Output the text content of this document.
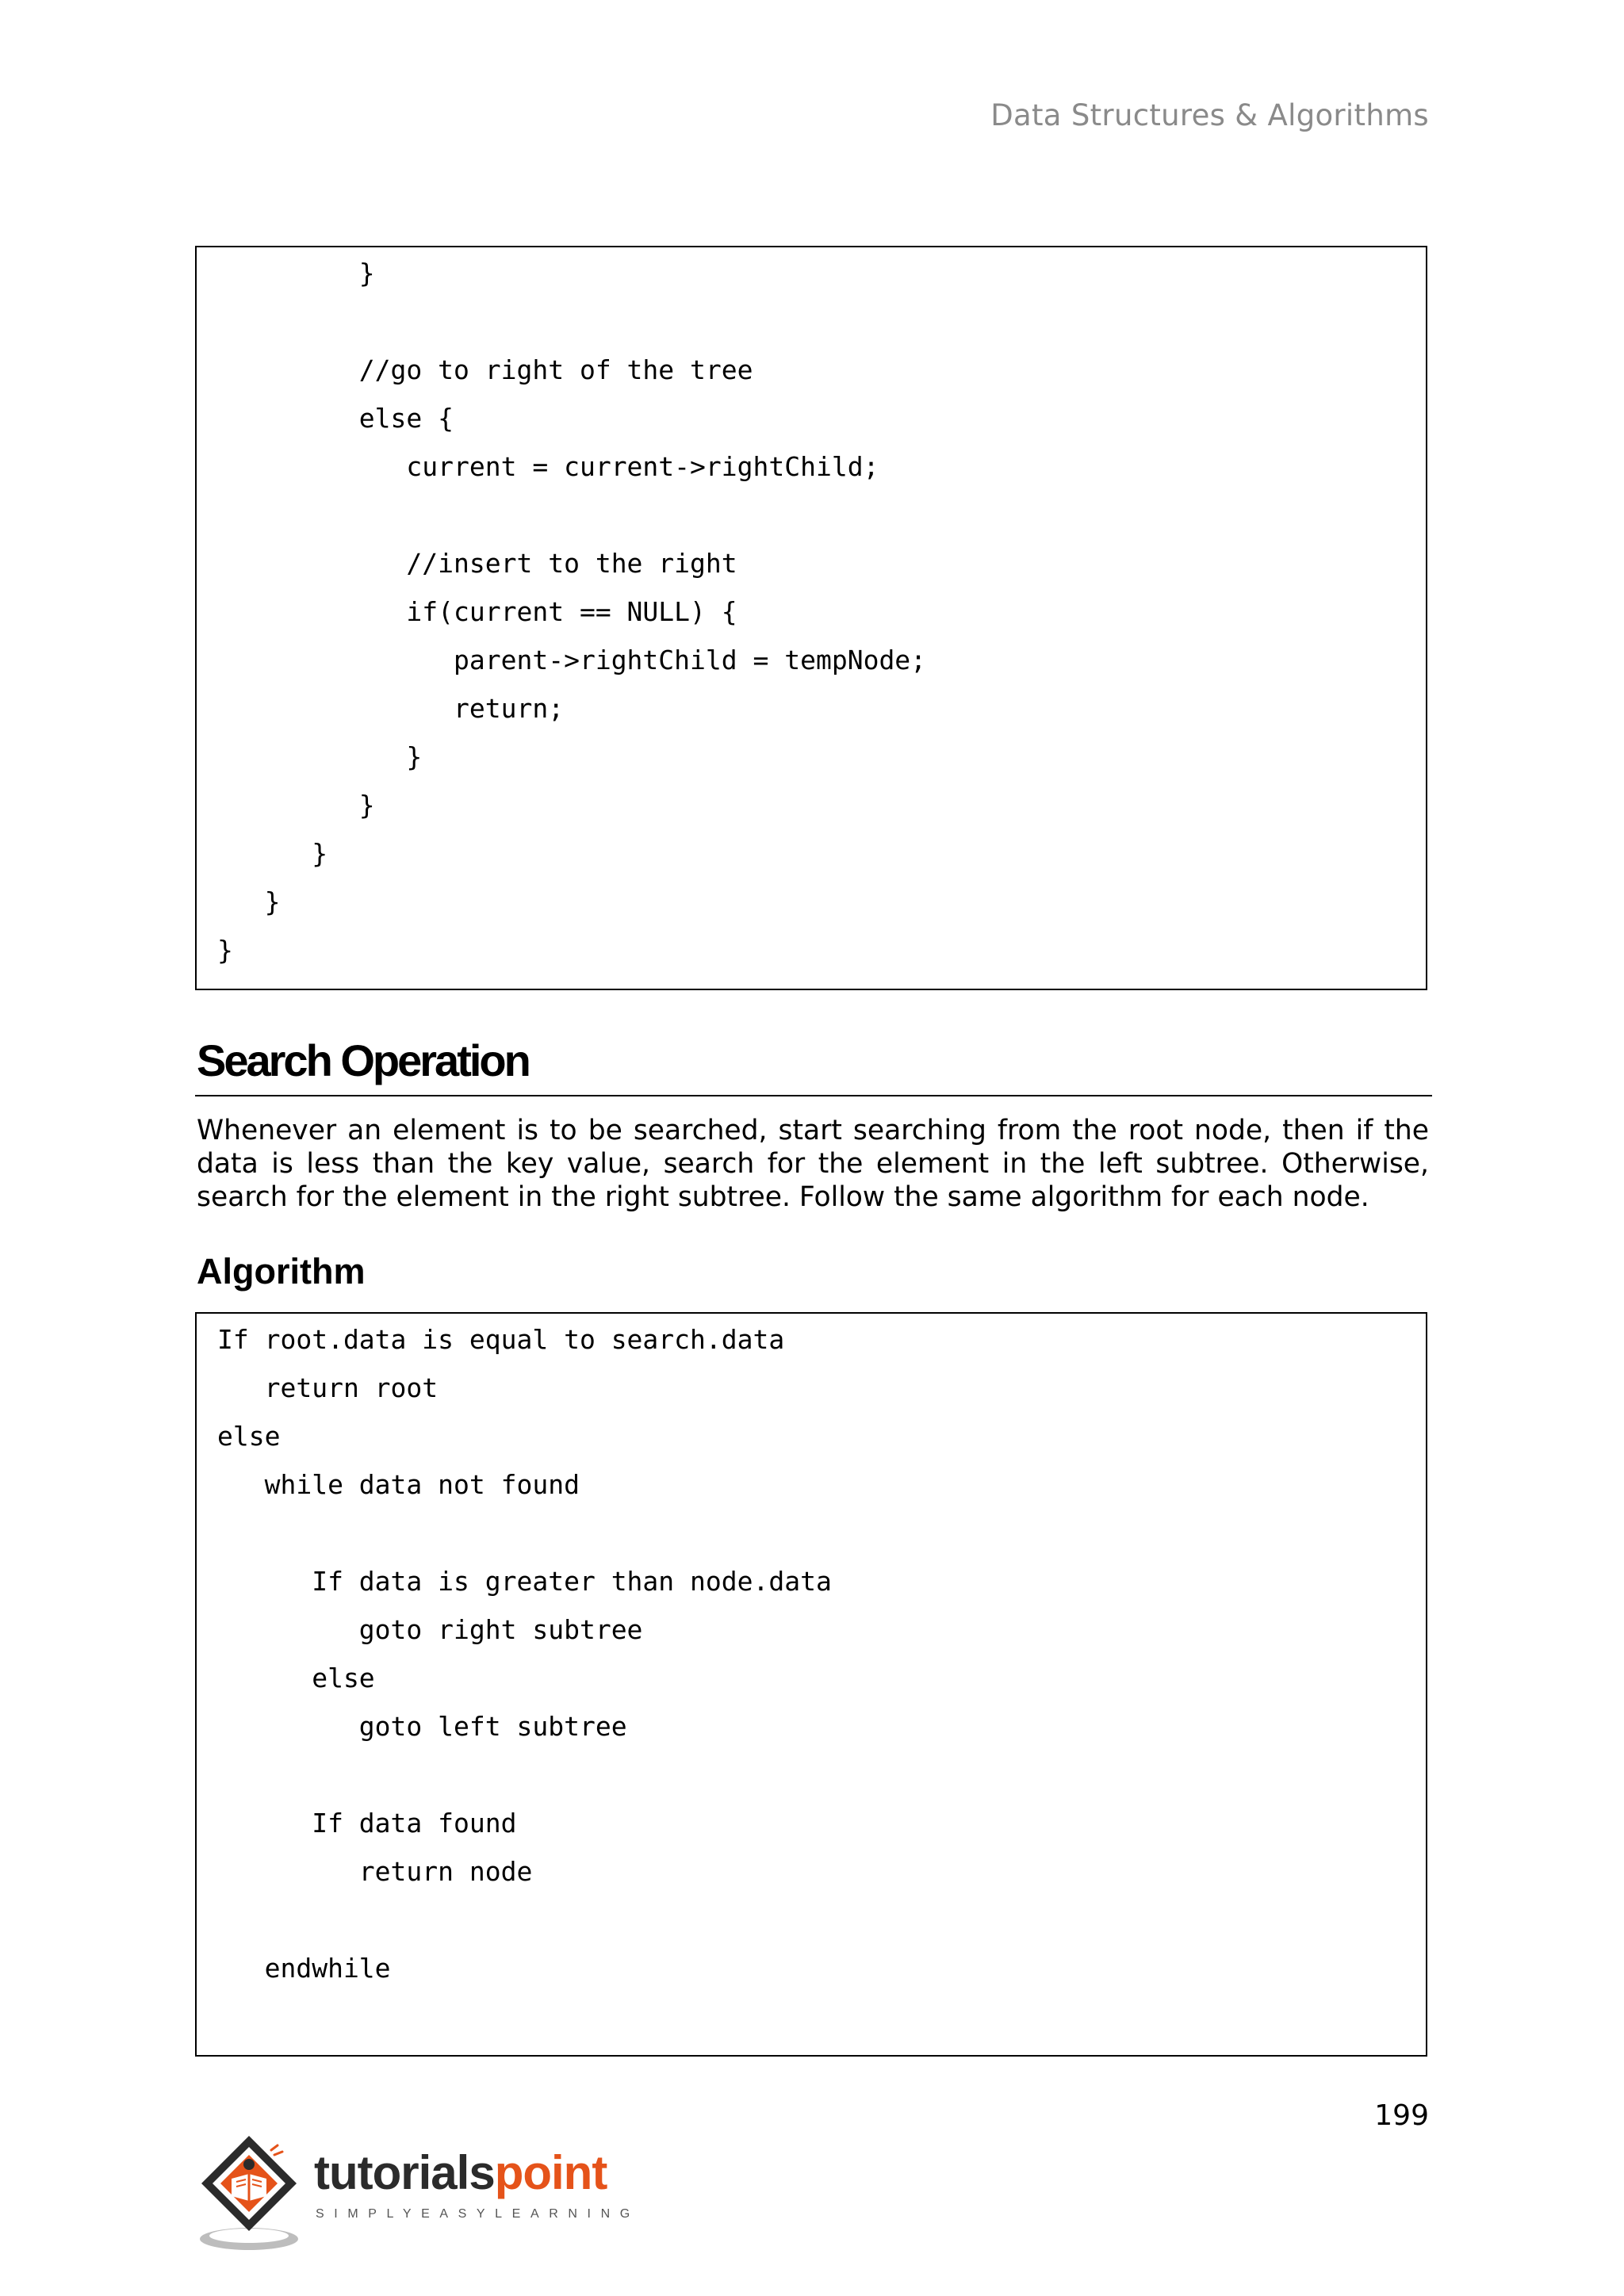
Data Structures & Algorithms
}
//go to right of the tree
else {
current = current->rightChild;
//insert to the right
if(current == NULL) {
parent->rightChild = tempNode;
return;
}
}
}
}
}
Search Operation
Whenever an element is to be searched, start searching from the root node, then if the data is less than the key value, search for the element in the left subtree. Otherwise, search for the element in the right subtree. Follow the same algorithm for each node.
Algorithm
If root.data is equal to search.data
return root
else
while data not found
If data is greater than node.data
goto right subtree
else
goto left subtree
If data found
return node
endwhile
199
tutorialspoint
SIMPLYEASYLEARNING
